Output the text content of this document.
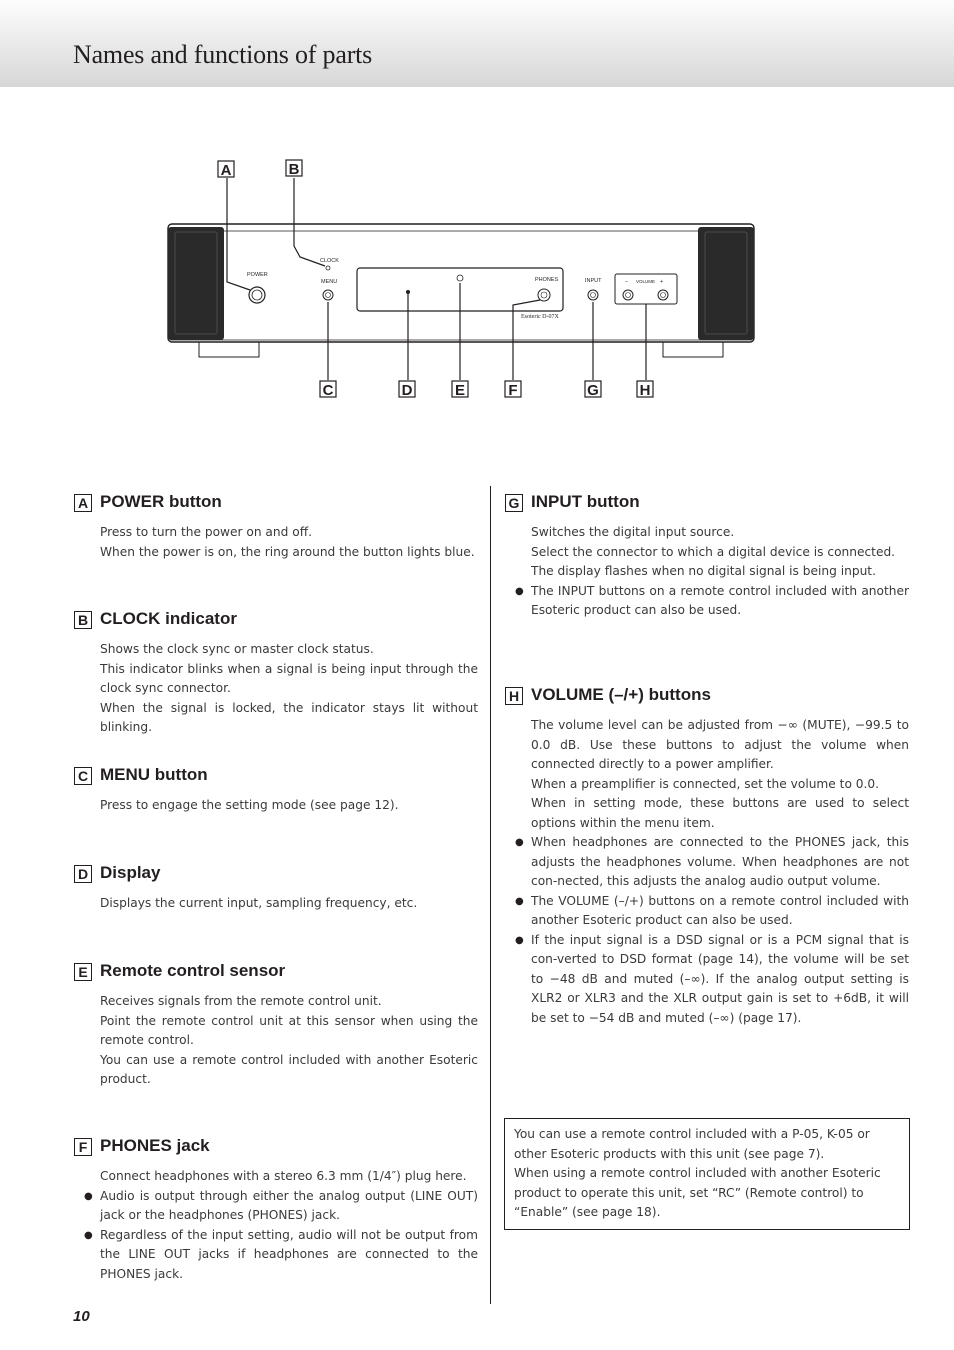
Names and functions of parts
POWER
CLOCK
MENU	PHONES
Esoteric D-07X
INPUT	− VOLUME +
A	B
C	D	E	F	G	H
A POWER button

Press to turn the power on and off.

When the power is on, the ring around the button lights blue.

B CLOCK indicator

Shows the clock sync or master clock status.

This indicator blinks when a signal is being input through the clock sync connector.

When the signal is locked, the indicator stays lit without blinking.

C MENU button

Press to engage the setting mode (see page 12).

D Display

Displays the current input, sampling frequency, etc.

E Remote control sensor

Receives signals from the remote control unit.

Point the remote control unit at this sensor when using the remote control.

You can use a remote control included with another Esoteric product.

F PHONES jack

Connect headphones with a stereo 6.3 mm (1/4″) plug here.

● Audio is output through either the analog output (LINE OUT) jack or the headphones (PHONES) jack.

● Regardless of the input setting, audio will not be output from the LINE OUT jacks if headphones are connected to the PHONES jack.

G INPUT button

Switches the digital input source.

Select the connector to which a digital device is connected.

The display flashes when no digital signal is being input.

● The INPUT buttons on a remote control included with another Esoteric product can also be used.

H VOLUME (–/+) buttons

The volume level can be adjusted from −∞ (MUTE), −99.5 to 0.0 dB. Use these buttons to adjust the volume when connected directly to a power amplifier.

When a preamplifier is connected, set the volume to 0.0.

When in setting mode, these buttons are used to select options within the menu item.

● When headphones are connected to the PHONES jack, this adjusts the headphones volume. When headphones are not con-nected, this adjusts the analog audio output volume.

● The VOLUME (–/+) buttons on a remote control included with another Esoteric product can also be used.

● If the input signal is a DSD signal or is a PCM signal that is con-verted to DSD format (page 14), the volume will be set to −48 dB and muted (–∞). If the analog output setting is XLR2 or XLR3 and the XLR output gain is set to +6dB, it will be set to −54 dB and muted (–∞) (page 17).

You can use a remote control included with a P-05, K-05 or other Esoteric products with this unit (see page 7).

When using a remote control included with another Esoteric product to operate this unit, set “RC” (Remote control) to “Enable” (see page 18).

10
